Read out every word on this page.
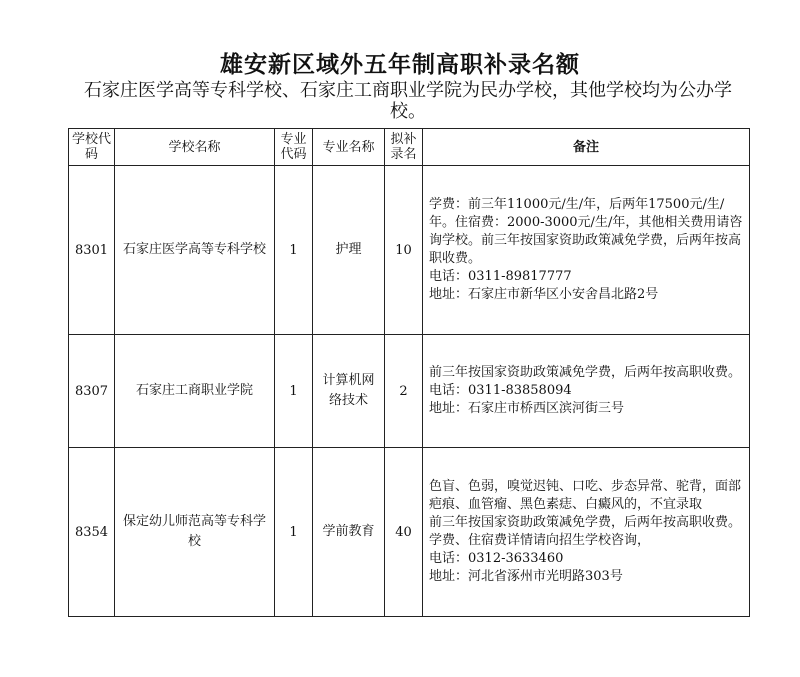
雄安新区域外五年制高职补录名额
石家庄医学高等专科学校、石家庄工商职业学院为民办学校，其他学校均为公办学校。
学校代码	学校名称	专业代码	专业名称	拟补录名	备注
8301	石家庄医学高等专科学校	1	护理	10	学费：前三年11000元/生/年，后两年17500元/生/年。住宿费：2000-3000元/生/年，其他相关费用请咨询学校。前三年按国家资助政策减免学费，后两年按高职收费。
电话：0311-89817777
地址：石家庄市新华区小安舍昌北路2号

8307	石家庄工商职业学院	1	计算机网络技术	2	前三年按国家资助政策减免学费，后两年按高职收费。
电话：0311-83858094
地址：石家庄市桥西区滨河街三号

8354	保定幼儿师范高等专科学校	1	学前教育	40	色盲、色弱，嗅觉迟钝、口吃、步态异常、驼背，面部疤痕、血管瘤、黑色素痣、白癜风的，不宜录取
前三年按国家资助政策减免学费，后两年按高职收费。学费、住宿费详情请向招生学校咨询，
电话：0312-3633460
地址：河北省涿州市光明路303号
